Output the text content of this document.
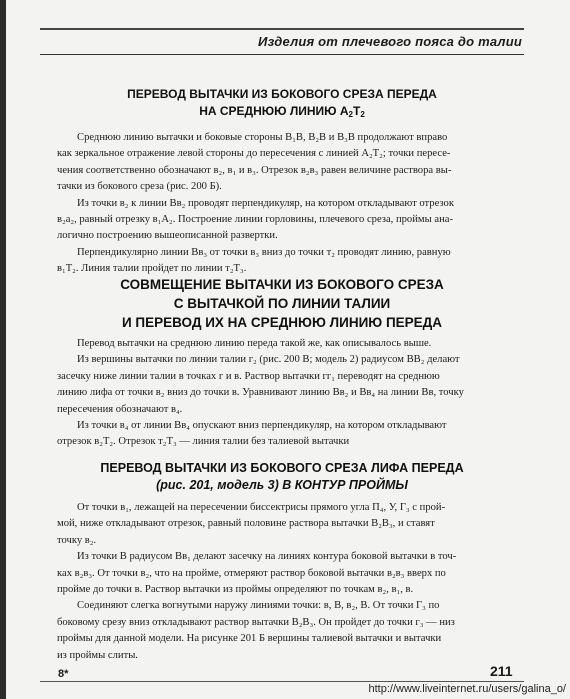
Изделия от плечевого пояса до талии
ПЕРЕВОД ВЫТАЧКИ ИЗ БОКОВОГО СРЕЗА ПЕРЕДА
НА СРЕДНЮЮ ЛИНИЮ $А_2Т_2$
Среднюю линию вытачки и боковые стороны В₁В, В₂В и В₃В продолжают вправо
как зеркальное отражение левой стороны до пересечения с линией А₂Т₂; точки пересе-
чения соответственно обозначают в₂, в₁ и в₃. Отрезок в₂в₃ равен величине раствора вы-
тачки из бокового среза (рис. 200 Б).
Из точки в₂ к линии Вв₂ проводят перпендикуляр, на котором откладывают отрезок
в₂а₂, равный отрезку в₁А₂. Построение линии горловины, плечевого среза, проймы ана-
логично построению вышеописанной развертки.
Перпендикулярно линии Вв₃ от точки в₃ вниз до точки т₂ проводят линию, равную
в₁Т₂. Линия талии пройдет по линии т₂Т₃.
СОВМЕЩЕНИЕ ВЫТАЧКИ ИЗ БОКОВОГО СРЕЗА
С ВЫТАЧКОЙ ПО ЛИНИИ ТАЛИИ
И ПЕРЕВОД ИХ НА СРЕДНЮЮ ЛИНИЮ ПЕРЕДА
Перевод вытачки на среднюю линию переда такой же, как описывалось выше.
Из вершины вытачки по линии талии г₂ (рис. 200 В; модель 2) радиусом ВВ₂ делают
засечку ниже линии талии в точках г и в. Раствор вытачки гг₁ переводят на среднюю
линию лифа от точки в₂ вниз до точки в. Уравнивают линию Вв₂ и Вв₄ на линии Вв, точку
пересечения обозначают в₄.
Из точки в₄ от линии Вв₄ опускают вниз перпендикуляр, на котором откладывают
отрезок в₂Т₂. Отрезок т₂Т₃ — линия талии без талиевой вытачки
ПЕРЕВОД ВЫТАЧКИ ИЗ БОКОВОГО СРЕЗА ЛИФА ПЕРЕДА
(рис. 201, модель 3) В КОНТУР ПРОЙМЫ
От точки в₁, лежащей на пересечении биссектрисы прямого угла П₄, У, Г₃ с прой-
мой, ниже откладывают отрезок, равный половине раствора вытачки В₂В₃, и ставят
точку в₂.
Из точки В радиусом Вв₁ делают засечку на линиях контура боковой вытачки в точ-
ках в₂в₃. От точки в₂, что на пройме, отмеряют раствор боковой вытачки в₂в₃ вверх по
пройме до точки в. Раствор вытачки из проймы определяют по точкам в₂, в₁, в.
Соединяют слегка вогнутыми наружу линиями точки: в, В, в₂, В. От точки Г₃ по
боковому срезу вниз откладывают раствор вытачки В₂В₃. Он пройдет до точки г₃ — низ
проймы для данной модели. На рисунке 201 Б вершины талиевой вытачки и вытачки
из проймы слиты.
8*	211
http://www.liveinternet.ru/users/galina_o/
